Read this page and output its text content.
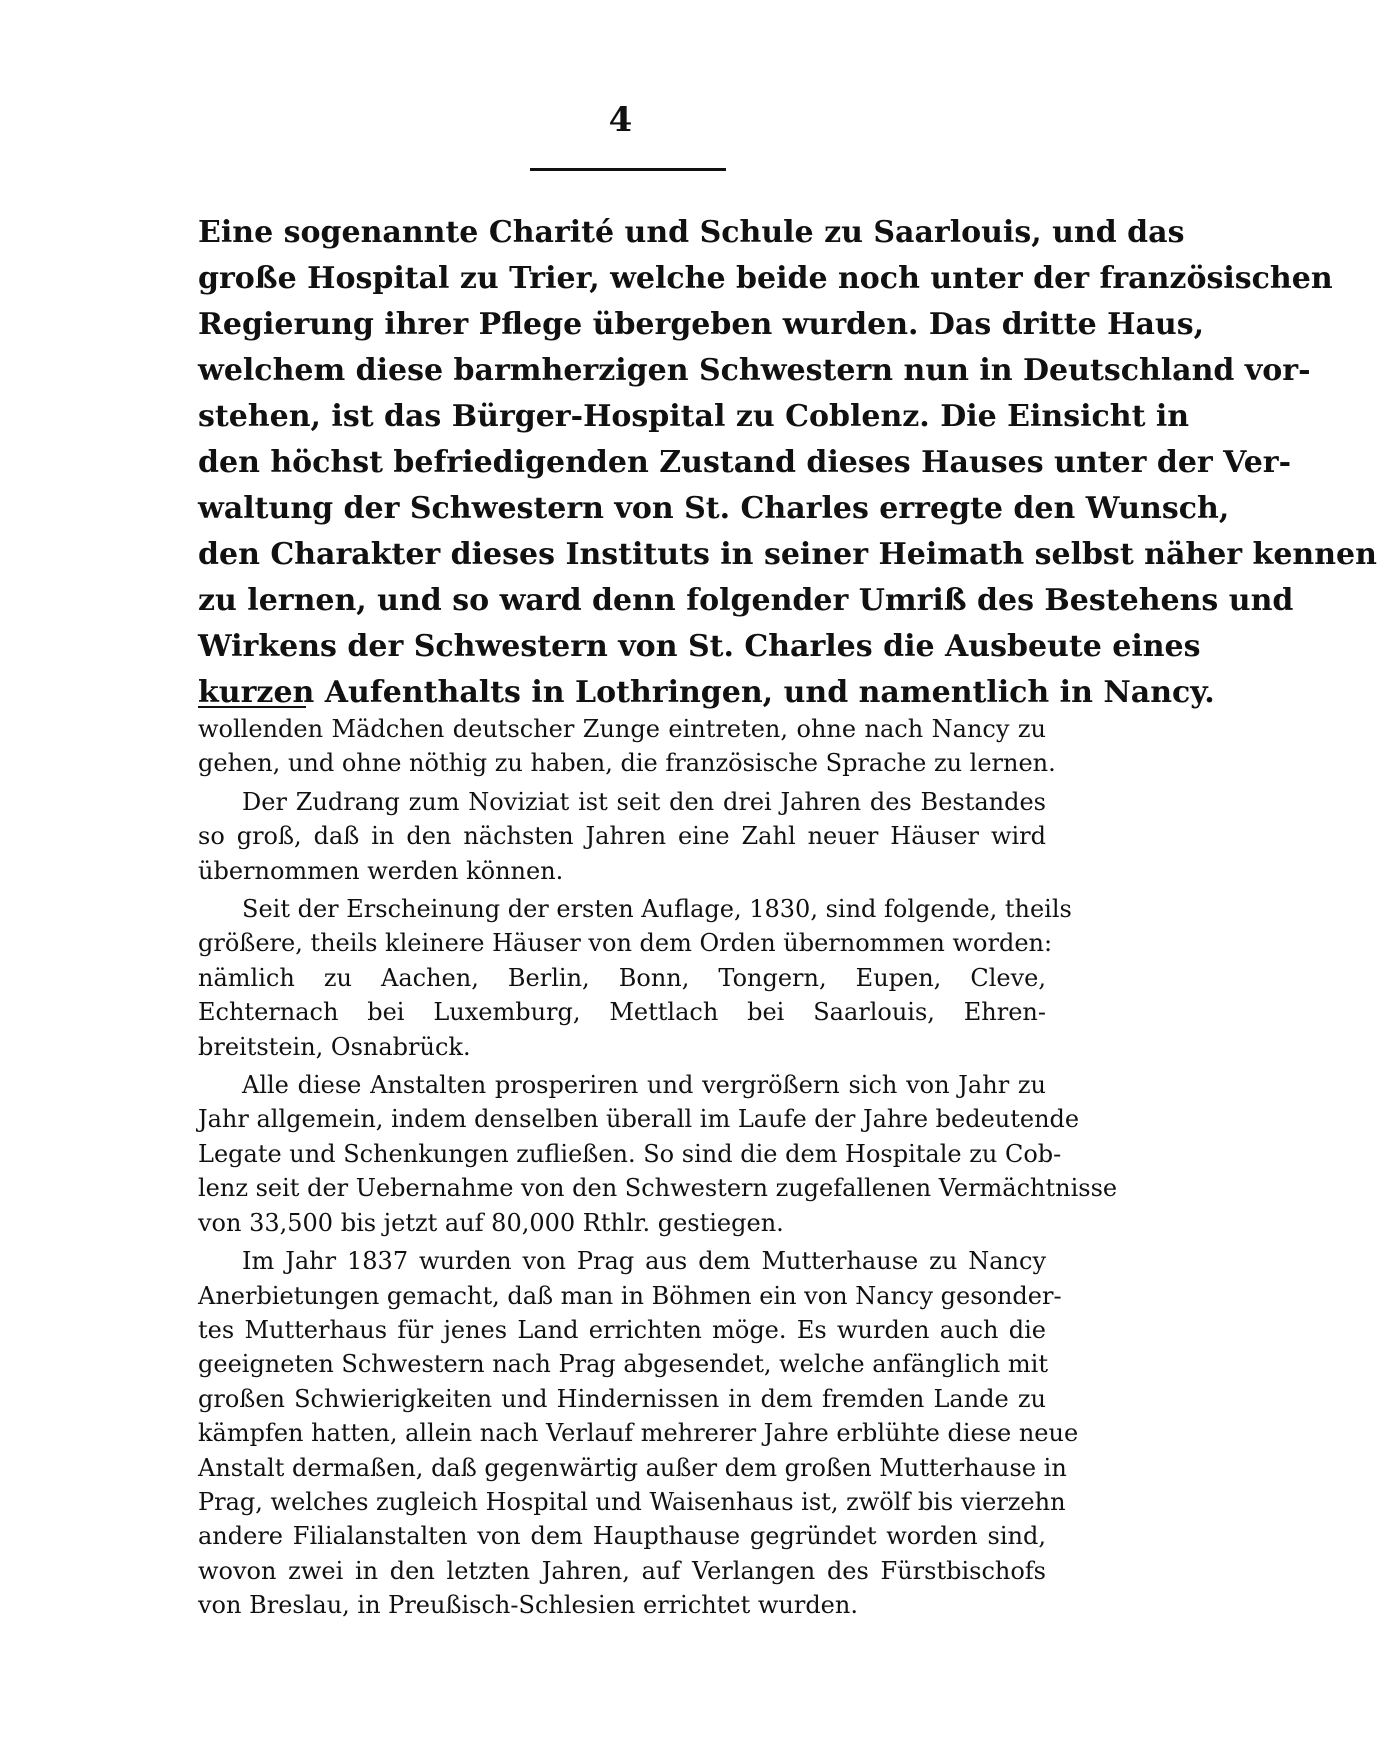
4
Eine sogenannte Charité und Schule zu Saarlouis, und das
große Hospital zu Trier, welche beide noch unter der französischen
Regierung ihrer Pflege übergeben wurden. Das dritte Haus,
welchem diese barmherzigen Schwestern nun in Deutschland vor-
stehen, ist das Bürger-Hospital zu Coblenz. Die Einsicht in
den höchst befriedigenden Zustand dieses Hauses unter der Ver-
waltung der Schwestern von St. Charles erregte den Wunsch,
den Charakter dieses Instituts in seiner Heimath selbst näher kennen
zu lernen, und so ward denn folgender Umriß des Bestehens und
Wirkens der Schwestern von St. Charles die Ausbeute eines
kurzen Aufenthalts in Lothringen, und namentlich in Nancy.
wollenden Mädchen deutscher Zunge eintreten, ohne nach Nancy zu
gehen, und ohne nöthig zu haben, die französische Sprache zu lernen.
Der Zudrang zum Noviziat ist seit den drei Jahren des Bestandes
so groß, daß in den nächsten Jahren eine Zahl neuer Häuser wird
übernommen werden können.
Seit der Erscheinung der ersten Auflage, 1830, sind folgende, theils
größere, theils kleinere Häuser von dem Orden übernommen worden:
nämlich zu Aachen, Berlin, Bonn, Tongern, Eupen, Cleve,
Echternach bei Luxemburg, Mettlach bei Saarlouis, Ehren-
breitstein, Osnabrück.
Alle diese Anstalten prosperiren und vergrößern sich von Jahr zu
Jahr allgemein, indem denselben überall im Laufe der Jahre bedeutende
Legate und Schenkungen zufließen. So sind die dem Hospitale zu Cob-
lenz seit der Uebernahme von den Schwestern zugefallenen Vermächtnisse
von 33,500 bis jetzt auf 80,000 Rthlr. gestiegen.
Im Jahr 1837 wurden von Prag aus dem Mutterhause zu Nancy
Anerbietungen gemacht, daß man in Böhmen ein von Nancy gesonder-
tes Mutterhaus für jenes Land errichten möge. Es wurden auch die
geeigneten Schwestern nach Prag abgesendet, welche anfänglich mit
großen Schwierigkeiten und Hindernissen in dem fremden Lande zu
kämpfen hatten, allein nach Verlauf mehrerer Jahre erblühte diese neue
Anstalt dermaßen, daß gegenwärtig außer dem großen Mutterhause in
Prag, welches zugleich Hospital und Waisenhaus ist, zwölf bis vierzehn
andere Filialanstalten von dem Haupthause gegründet worden sind,
wovon zwei in den letzten Jahren, auf Verlangen des Fürstbischofs
von Breslau, in Preußisch-Schlesien errichtet wurden.
